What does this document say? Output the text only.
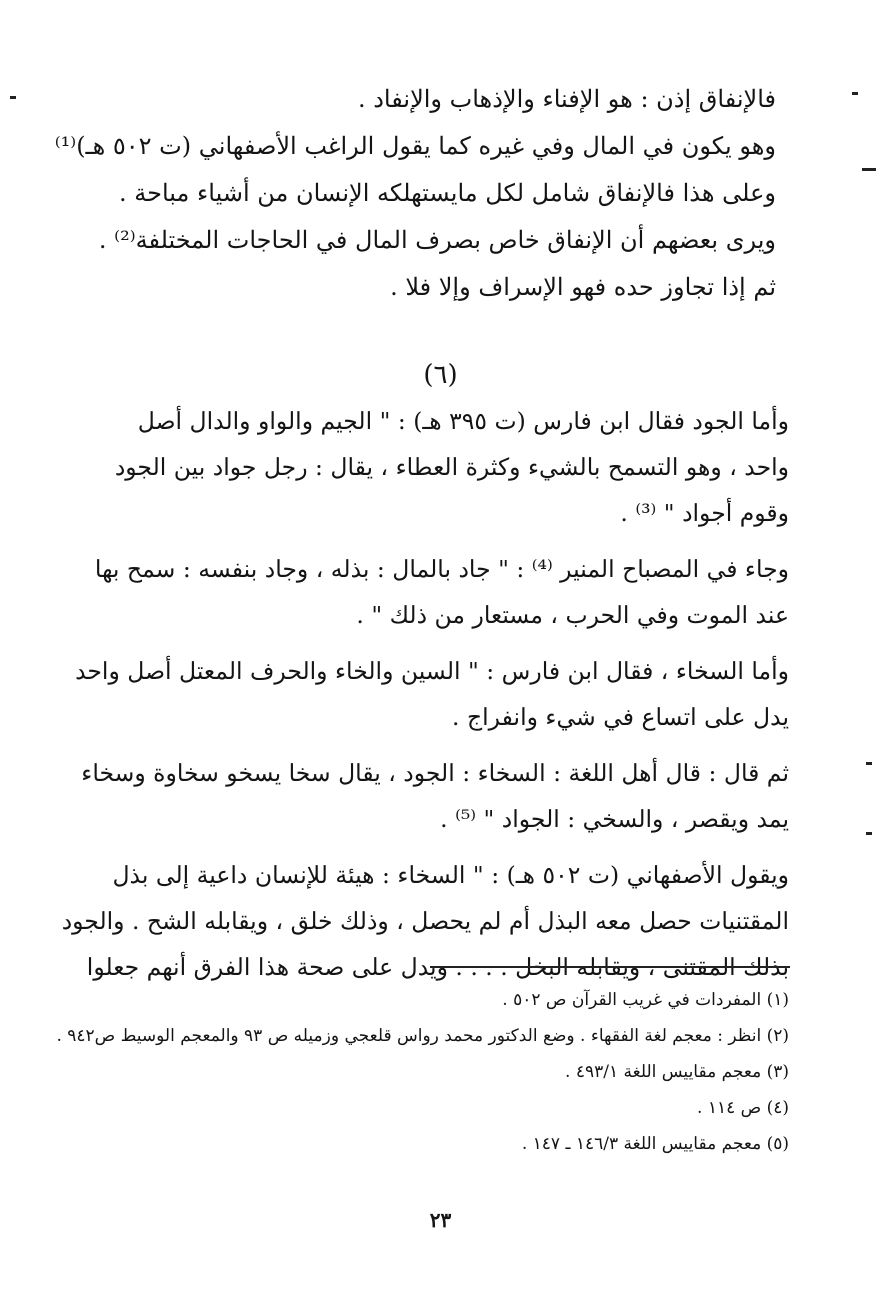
فالإنفاق إذن : هو الإفناء والإذهاب والإنفاد .
وهو يكون في المال وفي غيره كما يقول الراغب الأصفهاني (ت ٥٠٢ هـ)⁽¹⁾
وعلى هذا فالإنفاق شامل لكل مايستهلكه الإنسان من أشياء مباحة .
ويرى بعضهم أن الإنفاق خاص بصرف المال في الحاجات المختلفة⁽²⁾ .
ثم إذا تجاوز حده فهو الإسراف وإلا فلا .
(٦)
وأما الجود فقال ابن فارس (ت ٣٩٥ هـ) : " الجيم والواو والدال أصل
واحد ، وهو التسمح بالشيء وكثرة العطاء ، يقال : رجل جواد بين الجود
وقوم أجواد " ⁽³⁾ .
وجاء في المصباح المنير ⁽⁴⁾ : " جاد بالمال : بذله ، وجاد بنفسه : سمح بها
عند الموت وفي الحرب ، مستعار من ذلك " .
وأما السخاء ، فقال ابن فارس : " السين والخاء والحرف المعتل أصل واحد
يدل على اتساع في شيء وانفراج .
ثم قال : قال أهل اللغة : السخاء : الجود ، يقال سخا يسخو سخاوة وسخاء
يمد ويقصر ، والسخي : الجواد " ⁽⁵⁾ .
ويقول الأصفهاني (ت ٥٠٢ هـ) : " السخاء : هيئة للإنسان داعية إلى بذل
المقتنيات حصل معه البذل أم لم يحصل ، وذلك خلق ، ويقابله الشح . والجود
بذلك المقتنى ، ويقابله البخل . . . . ويدل على صحة هذا الفرق أنهم جعلوا
(١) المفردات في غريب القرآن ص ٥٠٢ .
(٢) انظر : معجم لغة الفقهاء . وضع الدكتور محمد رواس قلعجي وزميله ص ٩٣ والمعجم الوسيط ص٩٤٢ .
(٣) معجم مقاييس اللغة ٤٩٣/١ .
(٤) ص ١١٤ .
(٥) معجم مقاييس اللغة ١٤٦/٣ ـ ١٤٧ .
٢٣
